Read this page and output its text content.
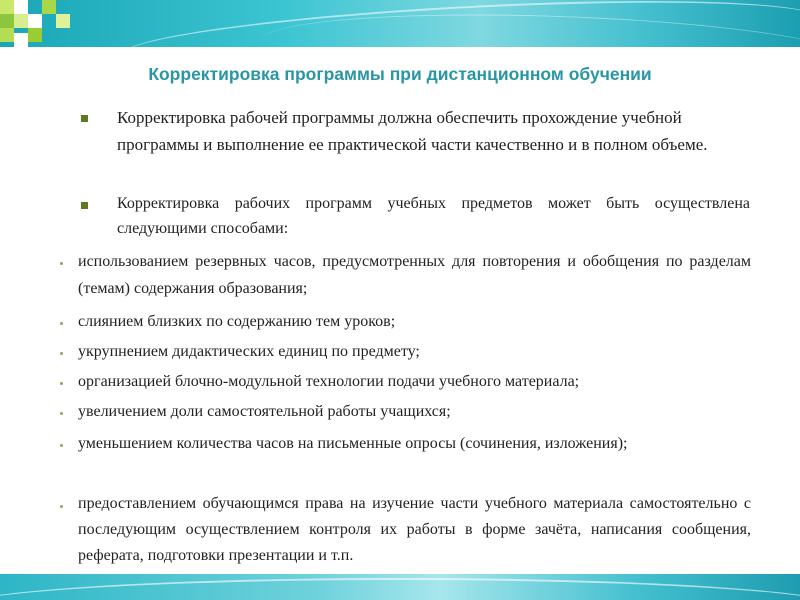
Корректировка программы при дистанционном обучении
Корректировка рабочей программы должна обеспечить прохождение учебной программы и выполнение ее практической части качественно и в полном объеме.
Корректировка рабочих программ учебных предметов может быть осуществлена следующими способами:
использованием резервных часов, предусмотренных для повторения и обобщения по разделам (темам) содержания образования;
слиянием близких по содержанию тем уроков;
укрупнением дидактических единиц по предмету;
организацией блочно-модульной технологии подачи учебного материала;
увеличением доли самостоятельной работы учащихся;
уменьшением количества часов на письменные опросы (сочинения, изложения);
предоставлением обучающимся права на изучение части учебного материала самостоятельно с последующим осуществлением контроля их работы в форме зачёта, написания сообщения, реферата, подготовки презентации и т.п.
